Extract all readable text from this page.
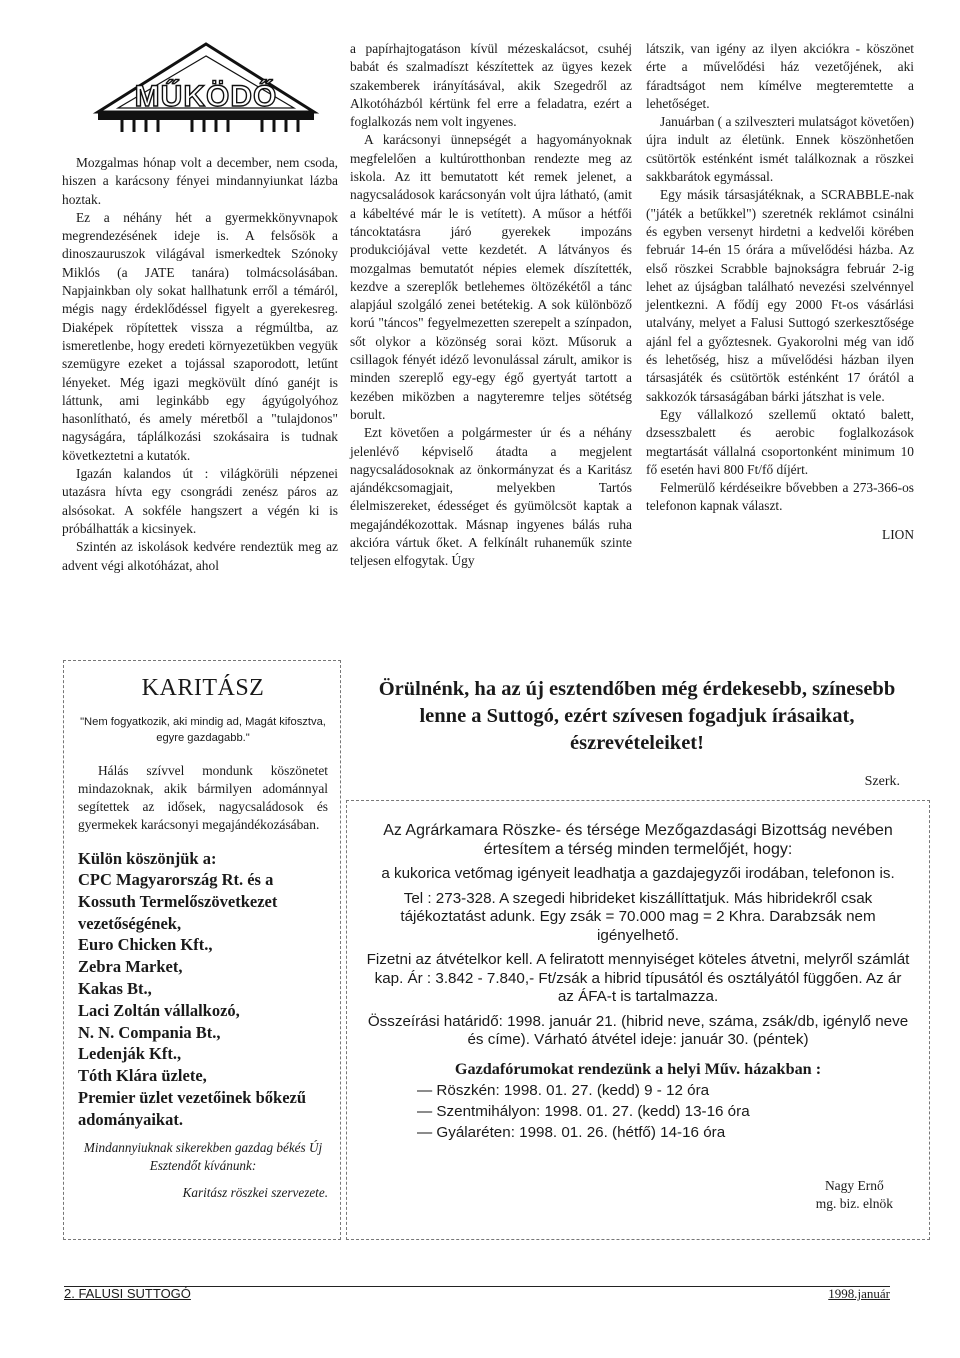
MŰKÖDŐ

Mozgalmas hónap volt a december, nem csoda, hiszen a karácsony fényei mindannyiunkat lázba hoztak.

Ez a néhány hét a gyermekkönyvnapok megrendezésének ideje is. A felsősök a dinoszauruszok világával ismerkedtek Szónoky Miklós (a JATE tanára) tolmácsolásában. Napjainkban oly sokat hallhatunk erről a témáról, mégis nagy érdeklődéssel figyelt a gyerekesreg. Diaképek röpítettek vissza a régmúltba, az ismeretlenbe, hogy eredeti környezetükben vegyük szemügyre ezeket a tojással szaporodott, letűnt lényeket. Még igazi megkövült dínó ganéjt is láttunk, ami leginkább egy ágyúgolyóhoz hasonlítható, és amely méretből a "tulajdonos" nagyságára, táplálkozási szokásaira is tudnak következtetni a kutatók.

Igazán kalandos út : világkörüli népzenei utazásra hívta egy csongrádi zenész páros az alsósokat. A sokféle hangszert a végén ki is próbálhatták a kicsinyek.

Szintén az iskolások kedvére rendeztük meg az advent végi alkotóházat, ahol

a papírhajtogatáson kívül mézeskalácsot, csuhéj babát és szalmadíszt készítettek az ügyes kezek szakemberek irányításával, akik Szegedről az Alkotóházból kértünk fel erre a feladatra, ezért a foglalkozás nem volt ingyenes.

A karácsonyi ünnepségét a hagyományoknak megfelelően a kultúrotthonban rendezte meg az iskola. Az itt bemutatott két remek jelenet, a nagycsaládosok karácsonyán volt újra látható, (amit a kábeltévé már le is vetített). A műsor a hétfői táncoktatásra járó gyerekek impozáns produkciójával vette kezdetét. A látványos és mozgalmas bemutatót népies elemek díszítették, kezdve a szereplők betlehemes öltözékétől a tánc alapjául szolgáló zenei betétekig. A sok különböző korú "táncos" fegyelmezetten szerepelt a színpadon, sőt olykor a közönség sorai közt. Műsoruk a csillagok fényét idéző levonulással zárult, amikor is minden szereplő egy-egy égő gyertyát tartott a kezében miközben a nagyteremre teljes sötétség borult.

Ezt követően a polgármester úr és a néhány jelenlévő képviselő átadta a megjelent nagycsaládosoknak az önkormányzat és a Karitász ajándékcsomagjait, melyekben Tartós élelmiszereket, édességet és gyümölcsöt kaptak a megajándékozottak. Másnap ingyenes bálás ruha akcióra vártuk őket. A felkínált ruhaneműk szinte teljesen elfogytak. Úgy

látszik, van igény az ilyen akciókra - köszönet érte a művelődési ház vezetőjének, aki fáradtságot nem kímélve megteremtette a lehetőséget.

Januárban ( a szilveszteri mulatságot követően) újra indult az életünk. Ennek köszönhetően csütörtök esténként ismét találkoznak a röszkei sakkbarátok egymással.

Egy másik társasjátéknak, a SCRABBLE-nak ("játék a betűkkel") szeretnék reklámot csinálni és egyben versenyt hirdetni a kedvelői körében február 14-én 15 órára a művelődési házba. Az első röszkei Scrabble bajnokságra február 2-ig lehet az újságban található nevezési szelvénnyel jelentkezni. A fődíj egy 2000 Ft-os vásárlási utalvány, melyet a Falusi Suttogó szerkesztősége ajánl fel a győztesnek. Gyakorolni még van idő és lehetőség, hisz a művelődési házban ilyen társasjáték és csütörtök esténként 17 órától a sakkozók társaságában bárki játszhat is vele.

Egy vállalkozó szellemű oktató balett, dzsesszbalett és aerobic foglalkozások megtartását vállalná csoportonként minimum 10 fő esetén havi 800 Ft/fő díjért.

Felmerülő kérdéseikre bővebben a 273-366-os telefonon kapnak választ.

LION

KARITÁSZ

"Nem fogyatkozik, aki mindig ad, Magát kifosztva, egyre gazdagabb."

Hálás szívvel mondunk köszönetet mindazoknak, akik bármilyen adománnyal segítettek az idősek, nagycsaládosok és gyermekek karácsonyi megajándékozásában.

Külön köszönjük a:

CPC Magyarország Rt. és a Kossuth Termelőszövetkezet vezetőségének,

Euro Chicken Kft.,

Zebra Market,

Kakas Bt.,

Laci Zoltán vállalkozó,

N. N. Compania Bt.,

Ledenják Kft.,

Tóth Klára üzlete,

Premier üzlet vezetőinek bőkezű adományaikat.

Mindannyiuknak sikerekben gazdag békés Új Esztendőt kívánunk:

Karitász röszkei szervezete.

Örülnénk, ha az új esztendőben még érdekesebb, színesebb lenne a Suttogó, ezért szívesen fogadjuk írásaikat, észrevételeiket!
Szerk.

Az Agrárkamara Röszke- és térsége Mezőgazdasági Bizottság nevében értesítem a térség minden termelőjét, hogy:

a kukorica vetőmag igényeit leadhatja a gazdajegyzői irodában, telefonon is.

Tel : 273-328. A szegedi hibrideket kiszállíttatjuk. Más hibridekről csak tájékoztatást adunk. Egy zsák = 70.000 mag = 2 Khra. Darabzsák nem igényelhető.

Fizetni az átvételkor kell. A feliratott mennyiséget köteles átvetni, melyről számlát kap. Ár : 3.842 - 7.840,- Ft/zsák a hibrid típusától és osztályától függően. Az ár az ÁFA-t is tartalmazza.

Összeírási határidő: 1998. január 21. (hibrid neve, száma, zsák/db, igénylő neve és címe). Várható átvétel ideje: január 30. (péntek)

Gazdafórumokat rendezünk a helyi Műv. házakban :

— Röszkén: 1998. 01. 27. (kedd) 9 - 12 óra
— Szentmihályon: 1998. 01. 27. (kedd) 13-16 óra
— Gyálaréten: 1998. 01. 26. (hétfő) 14-16 óra
Nagy Ernő
mg. biz. elnök
2. FALUSI SUTTOGÓ	1998.január
